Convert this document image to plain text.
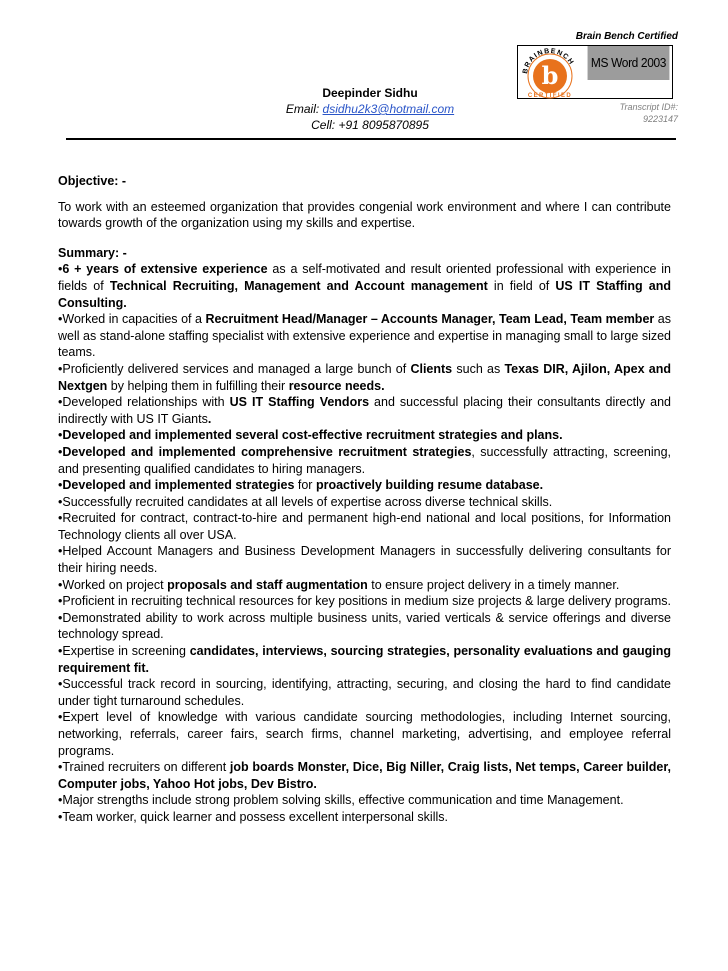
Brain Bench Certified
BRAINBENCH
b
CERTIFIED
MS Word 2003
Transcript ID#:
9223147
Deepinder Sidhu
Email: dsidhu2k3@hotmail.com
Cell: +91 8095870895

Objective: -

To work with an esteemed organization that provides congenial work environment and where I can contribute towards growth of the organization using my skills and expertise.

Summary: -

•6 + years of extensive experience as a self-motivated and result oriented professional with experience in fields of Technical Recruiting, Management and Account management in field of US IT Staffing and Consulting.

•Worked in capacities of a Recruitment Head/Manager – Accounts Manager, Team Lead, Team member as well as stand-alone staffing specialist with extensive experience and expertise in managing small to large sized teams.

•Proficiently delivered services and managed a large bunch of Clients such as Texas DIR, Ajilon, Apex and Nextgen by helping them in fulfilling their resource needs.

•Developed relationships with US IT Staffing Vendors and successful placing their consultants directly and indirectly with US IT Giants.

•Developed and implemented several cost-effective recruitment strategies and plans.

•Developed and implemented comprehensive recruitment strategies, successfully attracting, screening, and presenting qualified candidates to hiring managers.

•Developed and implemented strategies for proactively building resume database.

•Successfully recruited candidates at all levels of expertise across diverse technical skills.

•Recruited for contract, contract-to-hire and permanent high-end national and local positions, for Information Technology clients all over USA.

•Helped Account Managers and Business Development Managers in successfully delivering consultants for their hiring needs.

•Worked on project proposals and staff augmentation to ensure project delivery in a timely manner.

•Proficient in recruiting technical resources for key positions in medium size projects & large delivery programs.

•Demonstrated ability to work across multiple business units, varied verticals & service offerings and diverse technology spread.

•Expertise in screening candidates, interviews, sourcing strategies, personality evaluations and gauging requirement fit.

•Successful track record in sourcing, identifying, attracting, securing, and closing the hard to find candidate under tight turnaround schedules.

•Expert level of knowledge with various candidate sourcing methodologies, including Internet sourcing, networking, referrals, career fairs, search firms, channel marketing, advertising, and employee referral programs.

•Trained recruiters on different job boards Monster, Dice, Big Niller, Craig lists, Net temps, Career builder, Computer jobs, Yahoo Hot jobs, Dev Bistro.

•Major strengths include strong problem solving skills, effective communication and time Management.

•Team worker, quick learner and possess excellent interpersonal skills.
